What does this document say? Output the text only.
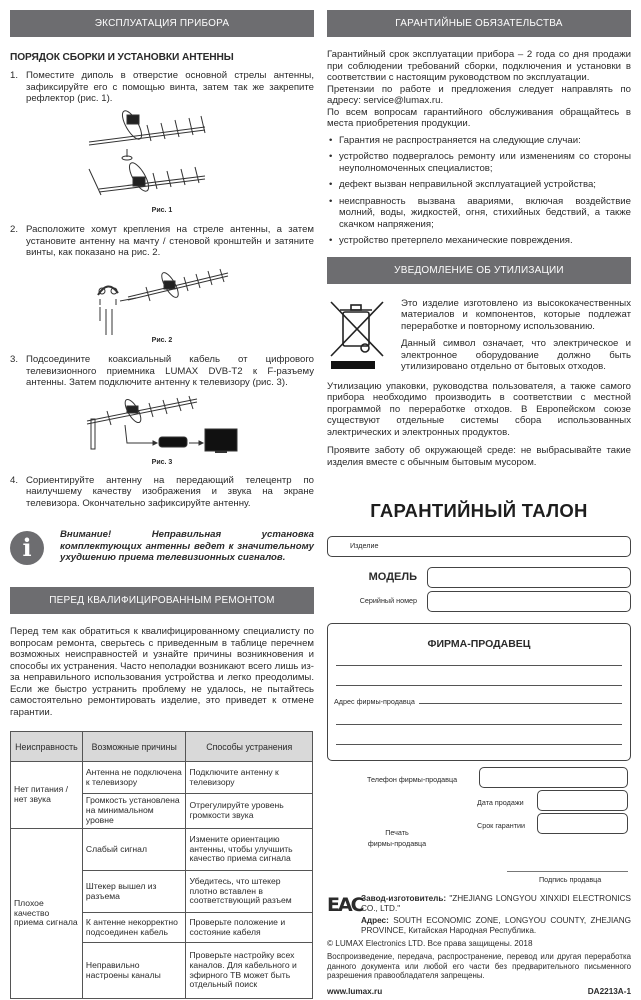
ЭКСПЛУАТАЦИЯ ПРИБОРА
ПОРЯДОК СБОРКИ И УСТАНОВКИ АНТЕННЫ
1. Поместите диполь в отверстие основной стрелы антенны, зафиксируйте его с помощью винта, затем так же закрепите рефлектор (рис. 1).
Рис. 1
2. Расположите хомут крепления на стреле антенны, а затем установите антенну на мачту / стеновой кронштейн и затяните винты, как показано на рис. 2.
Рис. 2
3. Подсоедините коаксиальный кабель от цифрового телевизионного приемника LUMAX DVB-T2 к F-разъему антенны. Затем подключите антенну к телевизору (рис. 3).
Рис. 3
4. Сориентируйте антенну на передающий телецентр по наилучшему качеству изображения и звука на экране телевизора. Окончательно зафиксируйте антенну.
i	Внимание! Неправильная установка комплектующих антенны ведет к значительному ухудшению приема телевизионных сигналов.
ПЕРЕД КВАЛИФИЦИРОВАННЫМ РЕМОНТОМ

Перед тем как обратиться к квалифицированному специалисту по вопросам ремонта, сверьтесь с приведенным в таблице перечнем возможных неисправностей и узнайте причины возникновения и способы их устранения. Часто неполадки возникают всего лишь из-за неправильного использования устройства и легко преодолимы. Если же быстро устранить проблему не удалось, не пытайтесь самостоятельно ремонтировать изделие, это приведет к отмене гарантии.

Неисправность	Возможные причины	Способы устранения
Нет питания / нет звука	Антенна не подключена к телевизору	Подключите антенну к телевизору
	Громкость установлена на минимальном уровне	Отрегулируйте уровень громкости звука
Плохое качество приема сигнала	Слабый сигнал	Измените ориентацию антенны, чтобы улучшить качество приема сигнала
	Штекер вышел из разъема	Убедитесь, что штекер плотно вставлен в соответствующий разъем
	К антенне некорректно подсоединен кабель	Проверьте положение и состояние кабеля
	Неправильно настроены каналы	Проверьте настройку всех каналов. Для кабельного и эфирного ТВ может быть отдельный поиск
ГАРАНТИЙНЫЕ ОБЯЗАТЕЛЬСТВА

Гарантийный срок эксплуатации прибора – 2 года со дня продажи при соблюдении требований сборки, подключения и установки в соответствии с настоящим руководством по эксплуатации.

Претензии по работе и предложения следует направлять по адресу: service@lumax.ru.

По всем вопросам гарантийного обслуживания обращайтесь в места приобретения продукции.

• Гарантия не распространяется на следующие случаи:
• устройство подвергалось ремонту или изменениям со стороны неуполномоченных специалистов;
• дефект вызван неправильной эксплуатацией устройства;
• неисправность вызвана авариями, включая воздействие молний, воды, жидкостей, огня, стихийных бедствий, а также скачком напряжения;
• устройство претерпело механические повреждения.
УВЕДОМЛЕНИЕ ОБ УТИЛИЗАЦИИ

Это изделие изготовлено из высококачественных материалов и компонентов, которые подлежат переработке и повторному использованию.

Данный символ означает, что электрическое и электронное оборудование должно быть утилизировано отдельно от бытовых отходов.

Утилизацию упаковки, руководства пользователя, а также самого прибора необходимо производить в соответствии с местной программой по переработке отходов. В Европейском союзе существуют отдельные системы сбора использованных электрических и электронных продуктов.

Проявите заботу об окружающей среде: не выбрасывайте такие изделия вместе с обычным бытовым мусором.

ГАРАНТИЙНЫЙ ТАЛОН
Изделие
МОДЕЛЬ
Серийный номер
ФИРМА-ПРОДАВЕЦ
Адрес фирмы-продавца
Телефон фирмы-продавца
Дата продажи
Срок гарантии
Печать
фирмы-продавца
Подпись продавца
EAC
Завод-изготовитель: "ZHEJIANG LONGYOU XINXIDI ELECTRONICS CO., LTD."
Адрес: SOUTH ECONOMIC ZONE, LONGYOU COUNTY, ZHEJIANG PROVINCE, Китайская Народная Республика.
© LUMAX Electronics LTD. Все права защищены. 2018
Воспроизведение, передача, распространение, перевод или другая переработка данного документа или любой его части без предварительного письменного разрешения правообладателя запрещены.
www.lumax.ru	DA2213A-1
